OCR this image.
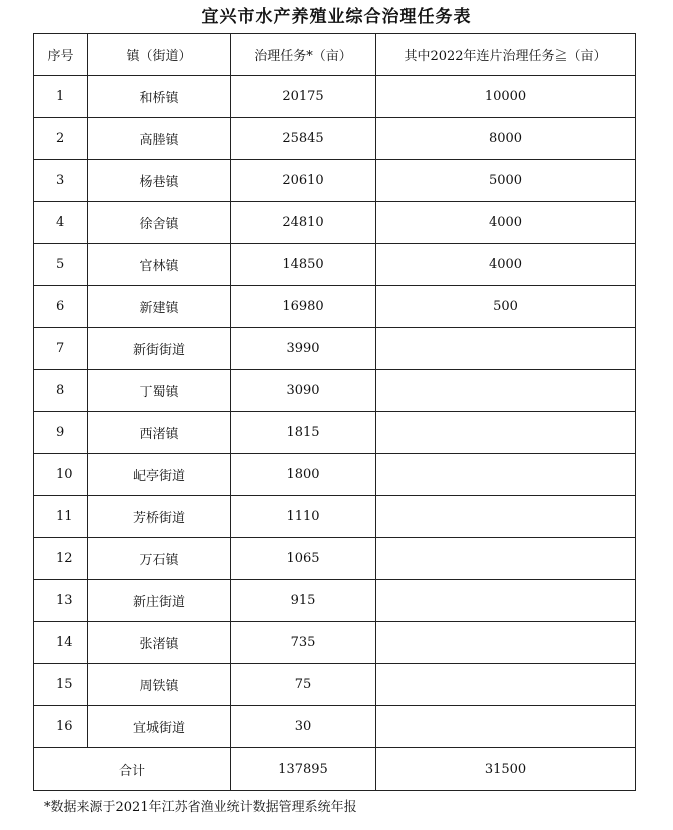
宜兴市水产养殖业综合治理任务表
序号	镇（街道）	治理任务*（亩）	其中2022年连片治理任务≧（亩）
1	和桥镇	20175	10000
2	高塍镇	25845	8000
3	杨巷镇	20610	5000
4	徐舍镇	24810	4000
5	官林镇	14850	4000
6	新建镇	16980	500
7	新街街道	3990	
8	丁蜀镇	3090	
9	西渚镇	1815	
10	屺亭街道	1800	
11	芳桥街道	1110	
12	万石镇	1065	
13	新庄街道	915	
14	张渚镇	735	
15	周铁镇	75	
16	宜城街道	30	
合计		137895	31500
*数据来源于2021年江苏省渔业统计数据管理系统年报
